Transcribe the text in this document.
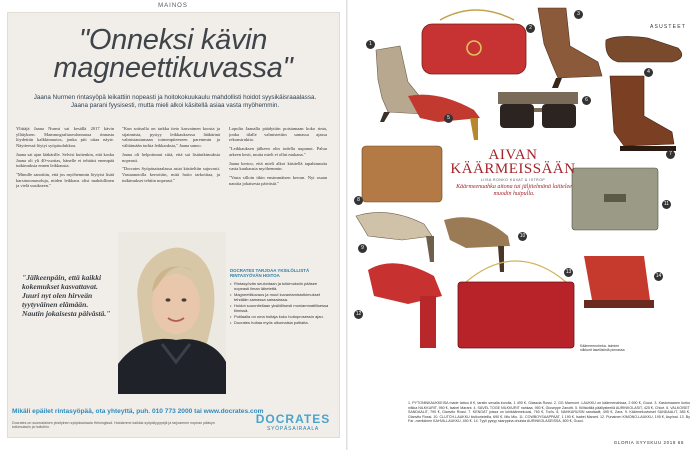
MAINOS
"Onneksi kävin
magneettikuvassa"
Jaana Nurmen rintasyöpä leikattiin nopeasti ja hoitokokuukaulu mahdollisti hoidot syysikäisraaalassa. Jaana parani fyysisesti, mutta mieli alkoi käsitellä asiaa vasta myöhemmin.

Ylittäjä Jaana Nurmi sai kesällä 2017 kävin yllätyksen. Mammografiaseulonnassa rinnasta löydettiin kalkkimuutos, jonka piti ottaa näyte. Näytteessä löytyi syöpäsolukkoa.

Jaana sai ajan lääkärille. Selvisi kuitenkin, että koska Jaana oli yli 40-vuotias, hänelle ei tehtäisi enempää tutkimuksia ennen leikkausta.

"Minulle sanottiin, että jos myöhemmin löytyisi lisää karsinoomasoluja, niiden leikkaus olisi mahdollinen ja vielä uusikseen."

"Kun soitsulla on tarkka tieto kasvaimen koosta ja sijainnista, pystyy leikkauksessa lääkärinä valmistautumaan toimenpiteeseen paremmin ja välttämään turhia leikkauksia," Jaana sanoo.

Jaana oli helpottunut siitä, että sai lisätutkimuksia nopeasti.

"Docrates Syöpäsairaalassa asiat käsiteltiin sujuvasti. Vastaanotolla kerrottiin, mitä hoito tarkoittaa, ja tutkimukset tehtiin nopeasti."

Lopulta Jaanalla päädyttiin poistamaan koko rinta, jonka tilalle valmistettiin samassa ajassa rekonstruktio.

"Leikkauksen jälkeen olin todella uupunut. Paluu arkeen kesti, mutta mieli ei ollut mukana."

Jaana kertoo, että mieli alkoi käsitellä tapahtunutta vasta kuukausia myöhemmin.

"Vasta silloin itkin ensimmäisen kerran. Nyt osaan nauttia jokaisesta päivästä."

"Jälkeenpäin, että kaikki kokemukset kasvattavat. Juuri nyt olen hirveän tyytyväinen elämään. Nautin jokaisesta päivästä."
DOCRATES TARJOAA YKSILÖLLISTÄ RINTASYÖVÄN HOITOA
• Rintasyövän seulontaan ja tutkimuksiin pääsee nopeasti ilman lähetettä.
• Magneettikuvaus ja muut kuvantamistutkimukset tehdään samassa sairaalassa.
• Hoidot suunnitellaan yksilöllisesti moniammatillisessa tiimissä.
• Potilaalla on oma hoitaja koko hoitoprosessin ajan.
• Docrates hoitaa myös ulkomaisia potilaita.
Mikäli epäilet rintasyöpää, ota yhteyttä, puh. 010 773 2000 tai www.docrates.com
Docrates on suomalainen yksityinen syöpäsairaala Helsingissä. Hoidamme kaikkia syöpätyyppejä ja tarjoamme nopean pääsyn tutkimuksiin ja hoitoihin.
DOCRATES
SYÖPÄSAIRAALA
ASUSTEET
1
2
3
4
5
6
7
8
9
10
11
12
13
14
AIVAN
KÄÄRMEISSÄÄN
LIISA RONKO KUVAT & ISTROP
Käärmeenuahka aitona tai jäljitelmänä laittelee muodin huipulla.
Käärmeenoheka- taimien nilkkurit laseliisiiniä pinnassa
1. PYTONINKAUKKEISA made tattuu 8 €, tarstin sevalla korolla, 1 490 €, Giassda Rossi. 2. GG Marmont -LAUKKU on käärmenahkaa, 2 690 €, Gucci. 3. Kastomaaren korko nilkka NILKKURIT, 950 €, Isabel Marant. 4. SÄVEL TOGE NILKKURIT nahkaa, 950 €, Giuseppe Zanotti. 5. Kiiltävällä päällysteellä AURINKOLASIT, 425 €, Chloé. 6. VALKOISET SANDAALIT, 790 €, Gianvito Rossi. 7. KENGÄT joissa on lohikäärmekuosi, 760 €, Tod's. 8. NAHKARUSIN sandaalit, 495 €, Zara. 9. Käärmekuvioiset SANDAALIT, 385 €, Gianvito Rossi. 10. CLUTCH-LAUKKU kivikoristeilla, 690 €, Miu Miu. 11. COWBOYSAAPPAAT, 1 190 €, Isabel Marant. 12. Punainen KIMONO-LAUKKU, 195 €, Aspinal. 13. By Far -merkkinen KAHVA-LAUKKU, 450 €. 14. Tyyli pysyy skarppina ohuista AURINKOLASEISSA, 800 €, Gucci.
GLORIA SYYSKUU 2018 65
